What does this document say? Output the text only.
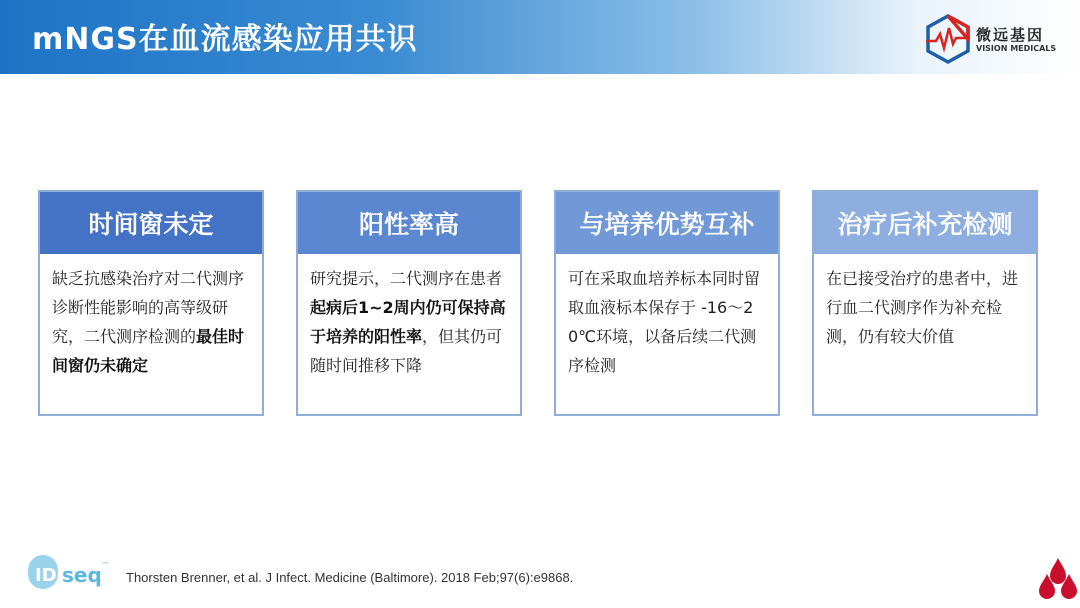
mNGS在血流感染应用共识	微远基因
VISION MEDICALS
时间窗未定
缺乏抗感染治疗对二代测序诊断性能影响的高等级研究，二代测序检测的最佳时间窗仍未确定
阳性率高
研究提示，二代测序在患者起病后1~2周内仍可保持高于培养的阳性率，但其仍可随时间推移下降
与培养优势互补
可在采取血培养标本同时留取血液标本保存于 -16～20℃环境，以备后续二代测序检测
治疗后补充检测
在已接受治疗的患者中，进行血二代测序作为补充检测，仍有较大价值
ID seq ™
Thorsten Brenner, et al. J Infect. Medicine (Baltimore). 2018 Feb;97(6):e9868.
